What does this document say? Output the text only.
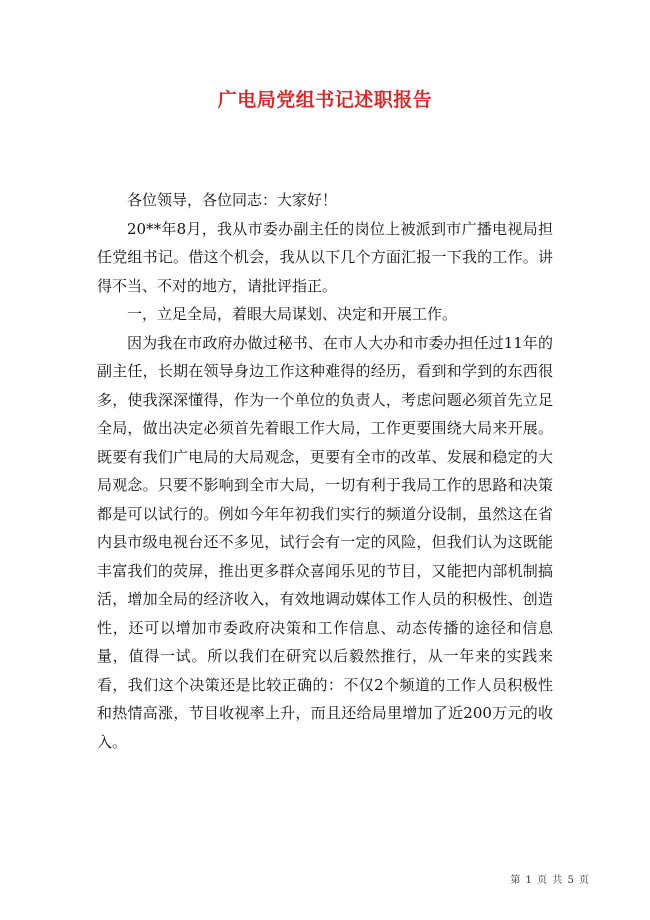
广电局党组书记述职报告

各位领导，各位同志：大家好！

20**年8月，我从市委办副主任的岗位上被派到市广播电视局担任党组书记。借这个机会，我从以下几个方面汇报一下我的工作。讲得不当、不对的地方，请批评指正。

一，立足全局，着眼大局谋划、决定和开展工作。

因为我在市政府办做过秘书、在市人大办和市委办担任过11年的副主任，长期在领导身边工作这种难得的经历，看到和学到的东西很多，使我深深懂得，作为一个单位的负责人，考虑问题必须首先立足全局，做出决定必须首先着眼工作大局，工作更要围绕大局来开展。既要有我们广电局的大局观念，更要有全市的改革、发展和稳定的大局观念。只要不影响到全市大局，一切有利于我局工作的思路和决策都是可以试行的。例如今年年初我们实行的频道分设制，虽然这在省内县市级电视台还不多见，试行会有一定的风险，但我们认为这既能丰富我们的荧屏，推出更多群众喜闻乐见的节目，又能把内部机制搞活，增加全局的经济收入，有效地调动媒体工作人员的积极性、创造性，还可以增加市委政府决策和工作信息、动态传播的途径和信息量，值得一试。所以我们在研究以后毅然推行，从一年来的实践来看，我们这个决策还是比较正确的：不仅2个频道的工作人员积极性和热情高涨，节目收视率上升，而且还给局里增加了近200万元的收入。

第 1 页 共 5 页
